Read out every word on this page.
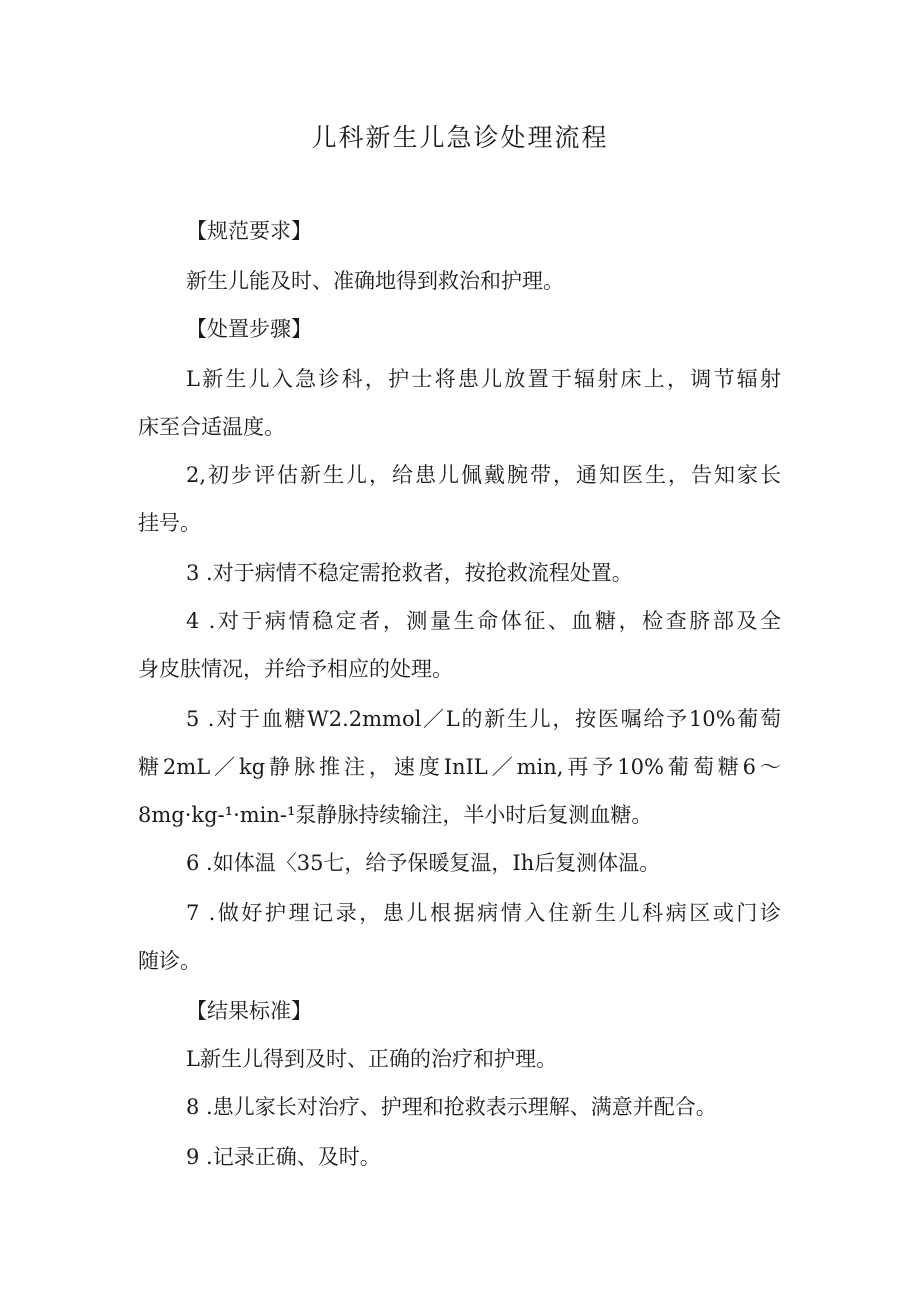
儿科新生儿急诊处理流程
【规范要求】
新生儿能及时、准确地得到救治和护理。
【处置步骤】
L新生儿入急诊科，护士将患儿放置于辐射床上，调节辐射
床至合适温度。
2,初步评估新生儿，给患儿佩戴腕带，通知医生，告知家长
挂号。
3 .对于病情不稳定需抢救者，按抢救流程处置。
4 .对于病情稳定者，测量生命体征、血糖，检查脐部及全
身皮肤情况，并给予相应的处理。
5 .对于血糖W2.2mmol／L的新生儿，按医嘱给予10%葡萄
糖2mL／kg静脉推注，速度InIL／min,再予10%葡萄糖6～
8mg·kg-¹·min-¹泵静脉持续输注，半小时后复测血糖。
6 .如体温〈35七，给予保暖复温，Ih后复测体温。
7 .做好护理记录，患儿根据病情入住新生儿科病区或门诊
随诊。
【结果标准】
L新生儿得到及时、正确的治疗和护理。
8 .患儿家长对治疗、护理和抢救表示理解、满意并配合。
9 .记录正确、及时。
